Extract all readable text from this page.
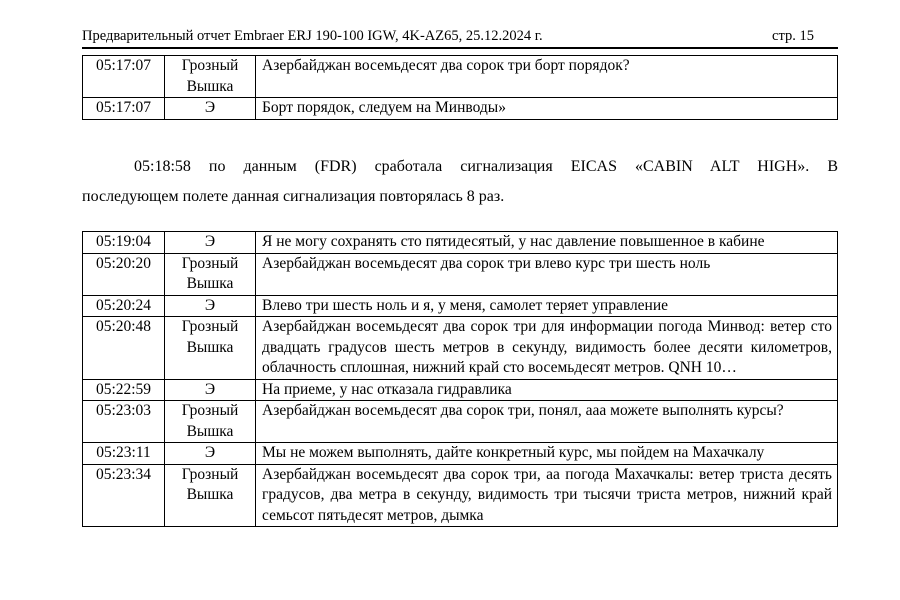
Предварительный отчет Embraer ERJ 190-100 IGW, 4K-AZ65, 25.12.2024 г.	стр. 15
05:17:07	Грозный Вышка	Азербайджан восемьдесят два сорок три борт порядок?
05:17:07	Э	Борт порядок, следуем на Минводы»
05:18:58 по данным (FDR) сработала сигнализация EICAS «CABIN ALT HIGH». В
последующем полете данная сигнализация повторялась 8 раз.
05:19:04	Э	Я не могу сохранять сто пятидесятый, у нас давление повышенное в кабине
05:20:20	Грозный Вышка	Азербайджан восемьдесят два сорок три влево курс три шесть ноль
05:20:24	Э	Влево три шесть ноль и я, у меня, самолет теряет управление
05:20:48	Грозный Вышка	Азербайджан восемьдесят два сорок три для информации погода Минвод: ветер сто двадцать градусов шесть метров в секунду, видимость более десяти километров, облачность сплошная, нижний край сто восемьдесят метров. QNH 10…
05:22:59	Э	На приеме, у нас отказала гидравлика
05:23:03	Грозный Вышка	Азербайджан восемьдесят два сорок три, понял, ааа можете выполнять курсы?
05:23:11	Э	Мы не можем выполнять, дайте конкретный курс, мы пойдем на Махачкалу
05:23:34	Грозный Вышка	Азербайджан восемьдесят два сорок три, аа погода Махачкалы: ветер триста десять градусов, два метра в секунду, видимость три тысячи триста метров, нижний край семьсот пятьдесят метров, дымка
